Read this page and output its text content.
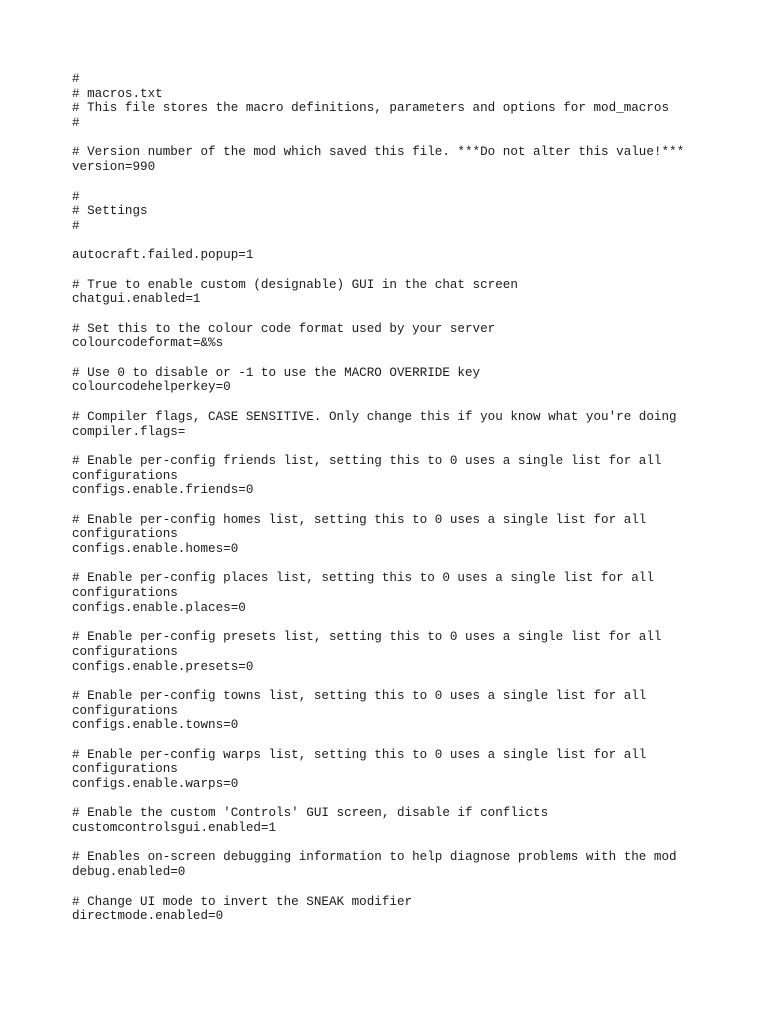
#
# macros.txt
# This file stores the macro definitions, parameters and options for mod_macros
#
# Version number of the mod which saved this file. ***Do not alter this value!***
version=990
#
# Settings
#
autocraft.failed.popup=1
# True to enable custom (designable) GUI in the chat screen
chatgui.enabled=1
# Set this to the colour code format used by your server
colourcodeformat=&%s
# Use 0 to disable or -1 to use the MACRO OVERRIDE key
colourcodehelperkey=0
# Compiler flags, CASE SENSITIVE. Only change this if you know what you're doing
compiler.flags=
# Enable per-config friends list, setting this to 0 uses a single list for all
configurations
configs.enable.friends=0
# Enable per-config homes list, setting this to 0 uses a single list for all
configurations
configs.enable.homes=0
# Enable per-config places list, setting this to 0 uses a single list for all
configurations
configs.enable.places=0
# Enable per-config presets list, setting this to 0 uses a single list for all
configurations
configs.enable.presets=0
# Enable per-config towns list, setting this to 0 uses a single list for all
configurations
configs.enable.towns=0
# Enable per-config warps list, setting this to 0 uses a single list for all
configurations
configs.enable.warps=0
# Enable the custom 'Controls' GUI screen, disable if conflicts
customcontrolsgui.enabled=1
# Enables on-screen debugging information to help diagnose problems with the mod
debug.enabled=0
# Change UI mode to invert the SNEAK modifier
directmode.enabled=0
